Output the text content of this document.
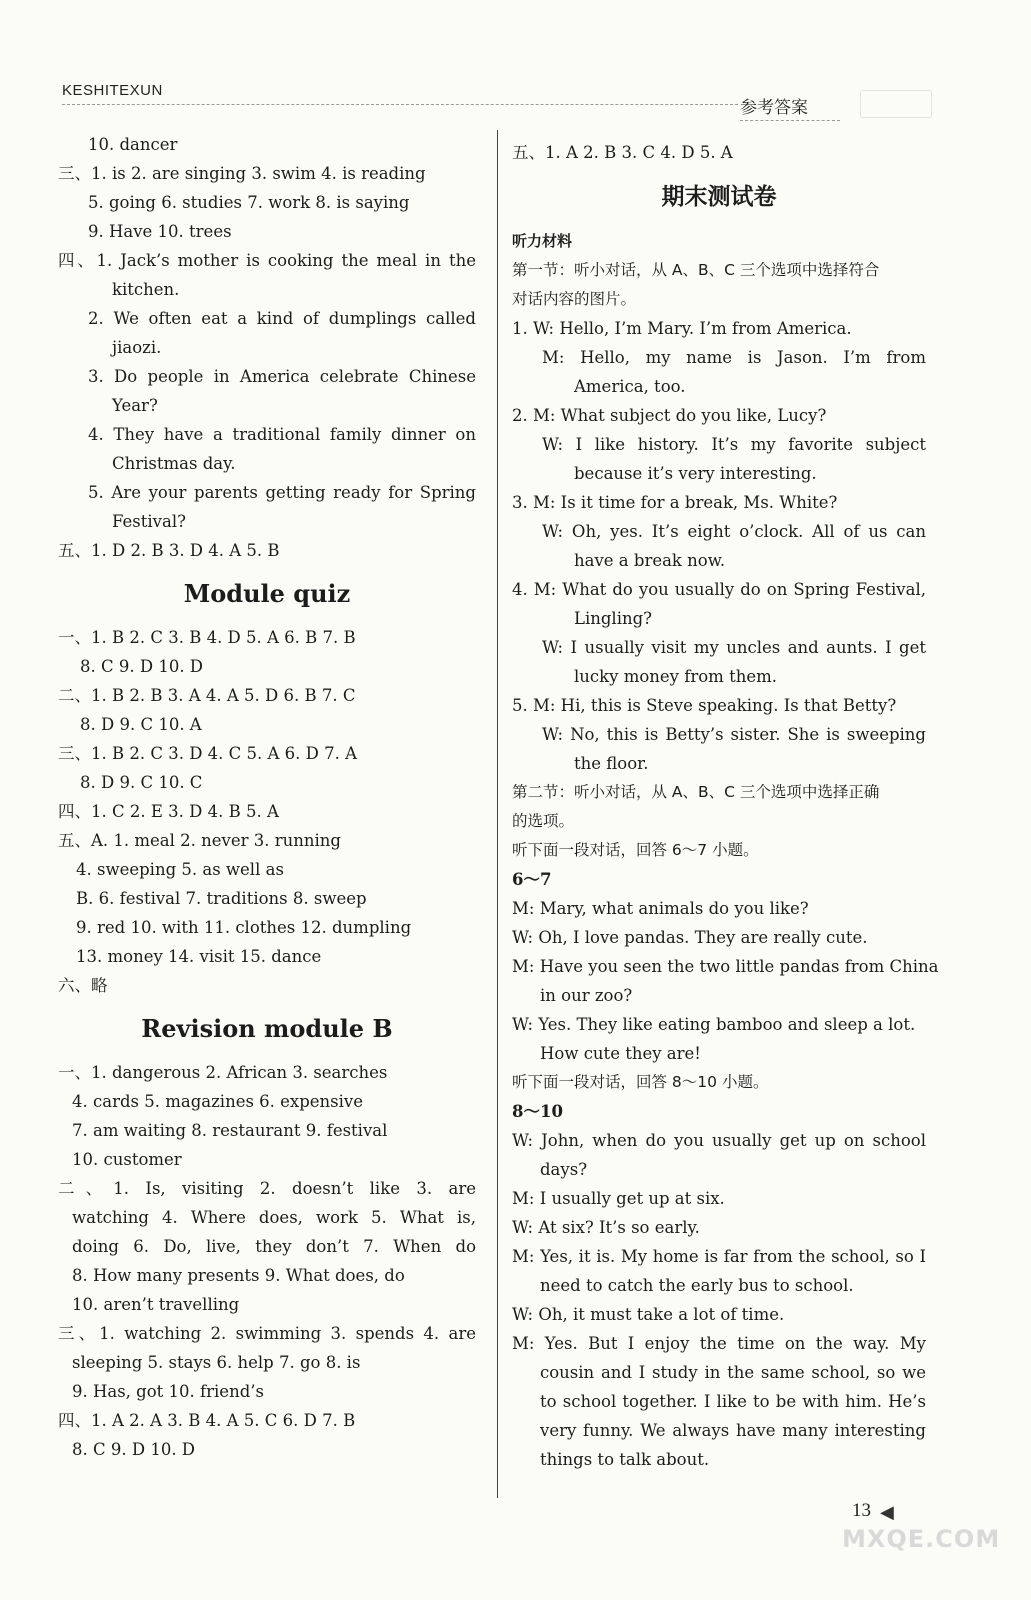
KESHITEXUN
参考答案
10. dancer
三、1. is 2. are singing 3. swim 4. is reading
5. going 6. studies 7. work 8. is saying
9. Have 10. trees
四、1. Jack’s mother is cooking the meal in the
kitchen.
2. We often eat a kind of dumplings called
jiaozi.
3. Do people in America celebrate Chinese
Year?
4. They have a traditional family dinner on
Christmas day.
5. Are your parents getting ready for Spring
Festival?
五、1. D 2. B 3. D 4. A 5. B
Module quiz
一、1. B 2. C 3. B 4. D 5. A 6. B 7. B
8. C 9. D 10. D
二、1. B 2. B 3. A 4. A 5. D 6. B 7. C
8. D 9. C 10. A
三、1. B 2. C 3. D 4. C 5. A 6. D 7. A
8. D 9. C 10. C
四、1. C 2. E 3. D 4. B 5. A
五、A. 1. meal 2. never 3. running
4. sweeping 5. as well as
B. 6. festival 7. traditions 8. sweep
9. red 10. with 11. clothes 12. dumpling
13. money 14. visit 15. dance
六、略
Revision module B
一、1. dangerous 2. African 3. searches
4. cards 5. magazines 6. expensive
7. am waiting 8. restaurant 9. festival
10. customer
二、1. Is, visiting 2. doesn’t like 3. are
watching 4. Where does, work 5. What is,
doing 6. Do, live, they don’t 7. When do
8. How many presents 9. What does, do
10. aren’t travelling
三、1. watching 2. swimming 3. spends 4. are
sleeping 5. stays 6. help 7. go 8. is
9. Has, got 10. friend’s
四、1. A 2. A 3. B 4. A 5. C 6. D 7. B
8. C 9. D 10. D
五、1. A 2. B 3. C 4. D 5. A
期末测试卷
听力材料
第一节：听小对话，从 A、B、C 三个选项中选择符合
对话内容的图片。
1. W: Hello, I’m Mary. I’m from America.
M: Hello, my name is Jason. I’m from
America, too.
2. M: What subject do you like, Lucy?
W: I like history. It’s my favorite subject
because it’s very interesting.
3. M: Is it time for a break, Ms. White?
W: Oh, yes. It’s eight o’clock. All of us can
have a break now.
4. M: What do you usually do on Spring Festival,
Lingling?
W: I usually visit my uncles and aunts. I get
lucky money from them.
5. M: Hi, this is Steve speaking. Is that Betty?
W: No, this is Betty’s sister. She is sweeping
the floor.
第二节：听小对话，从 A、B、C 三个选项中选择正确
的选项。
听下面一段对话，回答 6～7 小题。
6～7
M: Mary, what animals do you like?
W: Oh, I love pandas. They are really cute.
M: Have you seen the two little pandas from China
in our zoo?
W: Yes. They like eating bamboo and sleep a lot.
How cute they are!
听下面一段对话，回答 8～10 小题。
8～10
W: John, when do you usually get up on school
days?
M: I usually get up at six.
W: At six? It’s so early.
M: Yes, it is. My home is far from the school, so I
need to catch the early bus to school.
W: Oh, it must take a lot of time.
M: Yes. But I enjoy the time on the way. My
cousin and I study in the same school, so we
to school together. I like to be with him. He’s
very funny. We always have many interesting
things to talk about.
13 ◀
MXQE.COM
